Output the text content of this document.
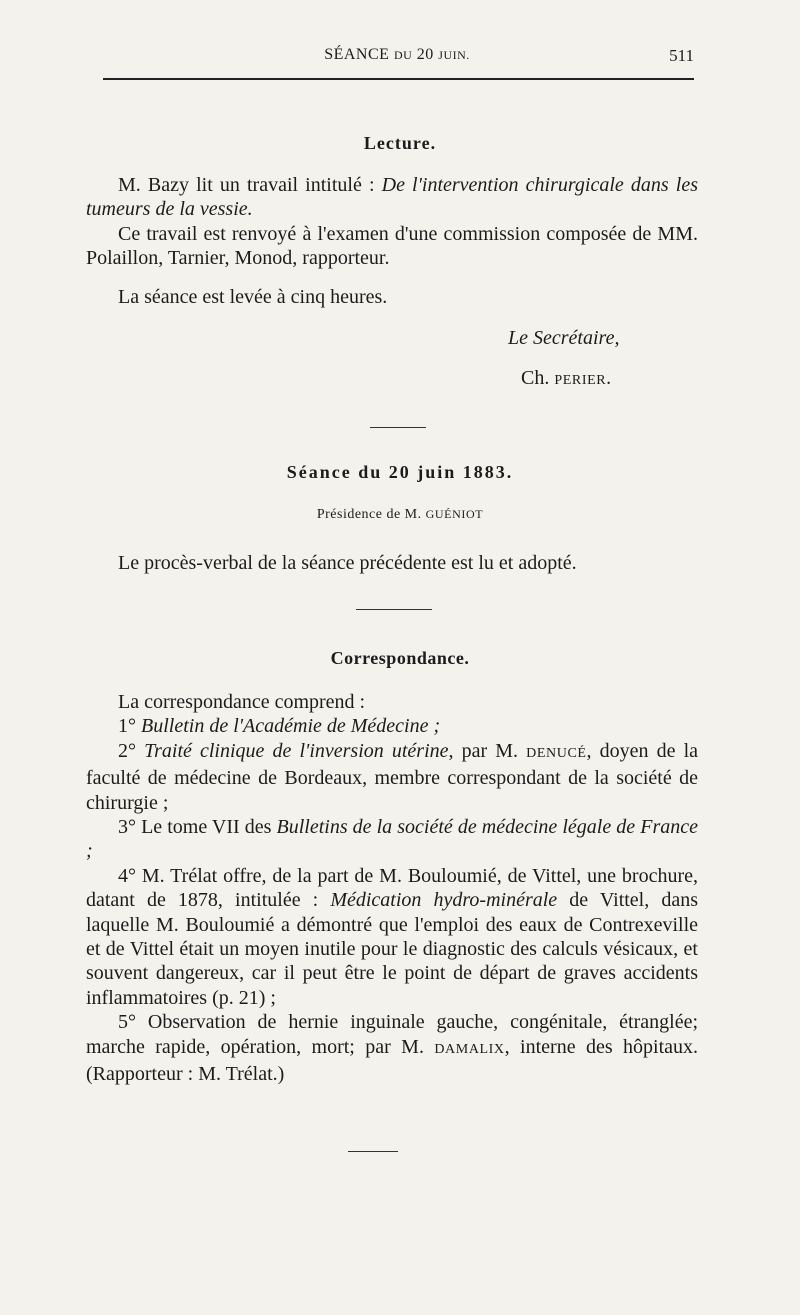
SÉANCE DU 20 JUIN.	511
Lecture.

M. Bazy lit un travail intitulé : De l'intervention chirurgicale dans les tumeurs de la vessie.

Ce travail est renvoyé à l'examen d'une commission composée de MM. Polaillon, Tarnier, Monod, rapporteur.

La séance est levée à cinq heures.

Le Secrétaire,
Ch. PERIER.
Séance du 20 juin 1883.
Présidence de M. GUÉNIOT

Le procès-verbal de la séance précédente est lu et adopté.

Correspondance.

La correspondance comprend :

1° Bulletin de l'Académie de Médecine ;

2° Traité clinique de l'inversion utérine, par M. DENUCÉ, doyen de la faculté de médecine de Bordeaux, membre correspondant de la société de chirurgie ;

3° Le tome VII des Bulletins de la société de médecine légale de France ;

4° M. Trélat offre, de la part de M. Bouloumié, de Vittel, une brochure, datant de 1878, intitulée : Médication hydro-minérale de Vittel, dans laquelle M. Bouloumié a démontré que l'emploi des eaux de Contrexeville et de Vittel était un moyen inutile pour le diagnostic des calculs vésicaux, et souvent dangereux, car il peut être le point de départ de graves accidents inflammatoires (p. 21) ;

5° Observation de hernie inguinale gauche, congénitale, étranglée; marche rapide, opération, mort; par M. DAMALIX, interne des hôpitaux. (Rapporteur : M. Trélat.)
